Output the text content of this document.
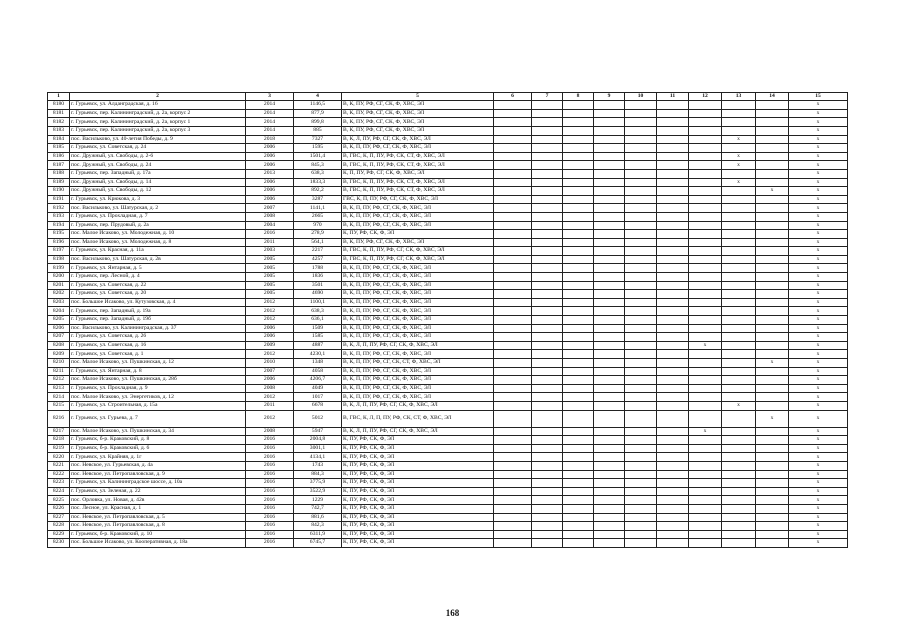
1	2	3	4	5	6	7	8	9	10	11	12	13	14	15
8180	г. Гурьевск, ул. Алданградская, д. 16	2014	1146,5	В, К, ПУ, РФ, СГ, СК, Ф, ХВС, ЭЛ										х
8181	г. Гурьевск, пер. Калининградский, д. 2а, корпус 2	2014	877,9	В, К, ПУ, РФ, СГ, СК, Ф, ХВС, ЭЛ										х
8182	г. Гурьевск, пер. Калининградский, д. 2а, корпус 1	2014	899,8	В, К, ПУ, РФ, СГ, СК, Ф, ХВС, ЭЛ										х
8183	г. Гурьевск, пер. Калининградский, д. 2а, корпус 3	2014	885	В, К, ПУ, РФ, СГ, СК, Ф, ХВС, ЭЛ										х
8184	пос. Васильково, ул. 40-летия Победы, д. 9	2018	7327	В, К, Л, ПУ, РФ, СГ, СК, Ф, ХВС, ЭЛ								х		х
8185	г. Гурьевск, ул. Советская, д. 24	2006	1595	В, К, П, ПУ, РФ, СГ, СК, Ф, ХВС, ЭЛ										х
8186	пос. Дружный, ул. Свободы, д. 2-6	2006	1501,4	В, ГВС, К, П, ПУ, РФ, СК, СТ, Ф, ХВС, ЭЛ								х		х
8187	пос. Дружный, ул. Свободы, д. 24	2006	845,3	В, ГВС, К, П, ПУ, РФ, СК, СТ, Ф, ХВС, ЭЛ								х		х
8188	г. Гурьевск, пер. Западный, д. 17а	2013	638,3	К, П, ПУ, РФ, СГ, СК, Ф, ХВС, ЭЛ										х
8189	пос. Дружный, ул. Свободы, д. 14	2006	1833,3	В, ГВС, К, П, ПУ, РФ, СК, СТ, Ф, ХВС, ЭЛ								х		х
8190	пос. Дружный, ул. Свободы, д. 12	2006	892,2	В, ГВС, К, П, ПУ, РФ, СК, СТ, Ф, ХВС, ЭЛ									х	х
8191	г. Гурьевск, ул. Крюкова, д. 3	2006	3287	ГВС, К, П, ПУ, РФ, СГ, СК, Ф, ХВС, ЭЛ										х
8192	пос. Васильково, ул. Шатурская, д. 2	2007	1141,1	В, К, П, ПУ, РФ, СГ, СК, Ф, ХВС, ЭЛ										х
8193	г. Гурьевск, ул. Прохладная, д. 7	2008	2665	В, К, П, ПУ, РФ, СГ, СК, Ф, ХВС, ЭЛ										х
8194	г. Гурьевск, пер. Прудовый, д. 2а	2004	970	В, К, П, ПУ, РФ, СГ, СК, Ф, ХВС, ЭЛ										х
8195	пос. Малое Исаково, ул. Молодежная, д. 10	2016	278,9	К, ПУ, РФ, СК, Ф, ЭЛ										х
8196	пос. Малое Исаково, ул. Молодежная, д. 8	2011	564,1	В, К, ПУ, РФ, СГ, СК, Ф, ХВС, ЭЛ										х
8197	г. Гурьевск, ул. Красная, д. 11а	2003	2217	В, ГВС, К, П, ПУ, РФ, СГ, СК, Ф, ХВС, ЭЛ										х
8198	пос. Васильково, ул. Шатурская, д. 2в	2005	4257	В, ГВС, К, П, ПУ, РФ, СГ, СК, Ф, ХВС, ЭЛ										х
8199	г. Гурьевск, ул. Янтарная, д. 5	2005	1788	В, К, П, ПУ, РФ, СГ, СК, Ф, ХВС, ЭЛ										х
8200	г. Гурьевск, пер. Лесной, д. 4	2005	1836	В, К, П, ПУ, РФ, СГ, СК, Ф, ХВС, ЭЛ										х
8201	г. Гурьевск, ул. Советская, д. 22	2005	3501	В, К, П, ПУ, РФ, СГ, СК, Ф, ХВС, ЭЛ										х
8202	г. Гурьевск, ул. Советская, д. 20	2005	4690	В, К, П, ПУ, РФ, СГ, СК, Ф, ХВС, ЭЛ										х
8203	пос. Большое Исаково, ул. Кутузовская, д. 4	2012	1100,1	В, К, П, ПУ, РФ, СГ, СК, Ф, ХВС, ЭЛ										х
8204	г. Гурьевск, пер. Западный, д. 19а	2012	638,3	В, К, П, ПУ, РФ, СГ, СК, Ф, ХВС, ЭЛ										х
8205	г. Гурьевск, пер. Западный, д. 19б	2012	636,1	В, К, П, ПУ, РФ, СГ, СК, Ф, ХВС, ЭЛ										х
8206	пос. Васильково, ул. Калининградская, д. 37	2006	1509	В, К, П, ПУ, РФ, СГ, СК, Ф, ХВС, ЭЛ										х
8207	г. Гурьевск, ул. Советская, д. 26	2006	1585	В, К, П, ПУ, РФ, СГ, СК, Ф, ХВС, ЭЛ										х
8208	г. Гурьевск, ул. Советская, д. 16	2009	4887	В, К, Л, П, ПУ, РФ, СГ, СК, Ф, ХВС, ЭЛ							х			х
8209	г. Гурьевск, ул. Советская, д. 1	2012	4230,1	В, К, П, ПУ, РФ, СГ, СК, Ф, ХВС, ЭЛ										х
8210	пос. Малое Исаково, ул. Пушкинская, д. 12	2010	1348	В, К, П, ПУ, РФ, СГ, СК, СТ, Ф, ХВС, ЭЛ									х	х
8211	г. Гурьевск, ул. Янтарная, д. 8	2007	4058	В, К, П, ПУ, РФ, СГ, СК, Ф, ХВС, ЭЛ										х
8212	пос. Малое Исаково, ул. Пушкинская, д. 28б	2006	4206,7	В, К, П, ПУ, РФ, СГ, СК, Ф, ХВС, ЭЛ										х
8213	г. Гурьевск, ул. Прохладная, д. 9	2008	4049	В, К, П, ПУ, РФ, СГ, СК, Ф, ХВС, ЭЛ										х
8214	пос. Малое Исаково, ул. Энергетиков, д. 12	2012	1017	В, К, П, ПУ, РФ, СГ, СК, Ф, ХВС, ЭЛ										х
8215	г. Гурьевск, ул. Строительная, д. 15а	2011	6678	В, К, Л, П, ПУ, РФ, СГ, СК, Ф, ХВС, ЭЛ								х		х
8216	г. Гурьевск, ул. Гурьева, д. 7	2012	5012	В, ГВС, К, Л, П, ПУ, РФ, СК, СТ, Ф, ХВС, ЭЛ									х	х
8217	пос. Малое Исаково, ул. Пушкинская, д. 34	2008	5947	В, К, Л, П, ПУ, РФ, СГ, СК, Ф, ХВС, ЭЛ							х			х
8218	г. Гурьевск, б-р. Краковский, д. 8	2016	2004,8	К, ПУ, РФ, СК, Ф, ЭЛ										х
8219	г. Гурьевск, б-р. Краковский, д. 6	2016	3001,1	К, ПУ, РФ, СК, Ф, ЭЛ										х
8220	г. Гурьевск, ул. Крайняя, д. 1г	2016	4134,1	К, ПУ, РФ, СК, Ф, ЭЛ										х
8221	пос. Невское, ул. Гурьевская, д. 4а	2016	1743	К, ПУ, РФ, СК, Ф, ЭЛ										х
8222	пос. Невское, ул. Петропавловская, д. 9	2016	884,3	К, ПУ, РФ, СК, Ф, ЭЛ										х
8223	г. Гурьевск, ул. Калининградское шоссе, д. 10а	2016	3775,9	К, ПУ, РФ, СК, Ф, ЭЛ										х
8224	г. Гурьевск, ул. Зеленая, д. 22	2016	3522,9	К, ПУ, РФ, СК, Ф, ЭЛ										х
8225	пос. Орловка, ул. Новая, д. 42в	2016	1229	К, ПУ, РФ, СК, Ф, ЭЛ										х
8226	пос. Лесное, ул. Красная, д. 1	2016	742,7	К, ПУ, РФ, СК, Ф, ЭЛ										х
8227	пос. Невское, ул. Петропавловская, д. 5	2016	881,6	К, ПУ, РФ, СК, Ф, ЭЛ										х
8228	пос. Невское, ул. Петропавловская, д. 8	2016	842,3	К, ПУ, РФ, СК, Ф, ЭЛ										х
8229	г. Гурьевск, б-р. Краковский, д. 10	2016	6311,9	К, ПУ, РФ, СК, Ф, ЭЛ										х
8230	пос. Большое Исаково, ул. Кооперативная, д. 18а	2016	6745,7	К, ПУ, РФ, СК, Ф, ЭЛ										х
168
